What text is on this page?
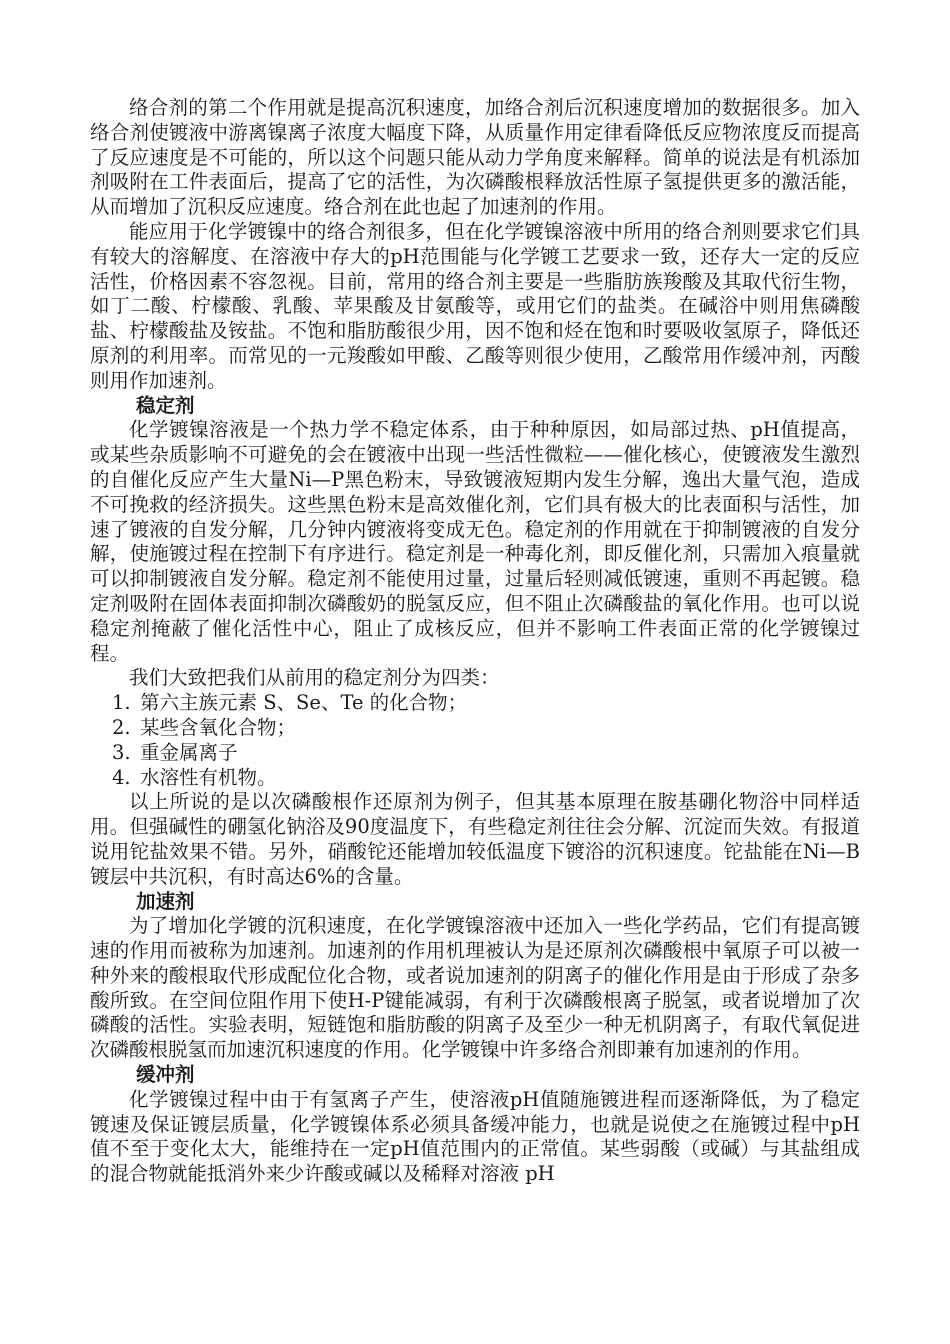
络合剂的第二个作用就是提高沉积速度，加络合剂后沉积速度增加的数据很多。加入络合剂使镀液中游离镍离子浓度大幅度下降，从质量作用定律看降低反应物浓度反而提高了反应速度是不可能的，所以这个问题只能从动力学角度来解释。简单的说法是有机添加剂吸附在工件表面后，提高了它的活性，为次磷酸根释放活性原子氢提供更多的激活能，从而增加了沉积反应速度。络合剂在此也起了加速剂的作用。

能应用于化学镀镍中的络合剂很多，但在化学镀镍溶液中所用的络合剂则要求它们具有较大的溶解度、在溶液中存大的pH范围能与化学镀工艺要求一致，还存大一定的反应活性，价格因素不容忽视。目前，常用的络合剂主要是一些脂肪族羧酸及其取代衍生物，如丁二酸、柠檬酸、乳酸、苹果酸及甘氨酸等，或用它们的盐类。在碱浴中则用焦磷酸盐、柠檬酸盐及铵盐。不饱和脂肪酸很少用，因不饱和烃在饱和时要吸收氢原子，降低还原剂的利用率。而常见的一元羧酸如甲酸、乙酸等则很少使用，乙酸常用作缓冲剂，丙酸则用作加速剂。

稳定剂

化学镀镍溶液是一个热力学不稳定体系，由于种种原因，如局部过热、pH值提高，或某些杂质影响不可避免的会在镀液中出现一些活性微粒——催化核心，使镀液发生激烈的自催化反应产生大量Ni—P黑色粉末，导致镀液短期内发生分解，逸出大量气泡，造成不可挽救的经济损失。这些黑色粉末是高效催化剂，它们具有极大的比表面积与活性，加速了镀液的自发分解，几分钟内镀液将变成无色。稳定剂的作用就在于抑制镀液的自发分解，使施镀过程在控制下有序进行。稳定剂是一种毒化剂，即反催化剂，只需加入痕量就可以抑制镀液自发分解。稳定剂不能使用过量，过量后轻则减低镀速，重则不再起镀。稳定剂吸附在固体表面抑制次磷酸奶的脱氢反应，但不阻止次磷酸盐的氧化作用。也可以说稳定剂掩蔽了催化活性中心，阻止了成核反应，但并不影响工件表面正常的化学镀镍过程。

我们大致把我们从前用的稳定剂分为四类：

1. 第六主族元素 S、Se、Te 的化合物；
2. 某些含氧化合物；
3. 重金属离子
4. 水溶性有机物。

以上所说的是以次磷酸根作还原剂为例子，但其基本原理在胺基硼化物浴中同样适用。但强碱性的硼氢化钠浴及90度温度下，有些稳定剂往往会分解、沉淀而失效。有报道说用铊盐效果不错。另外，硝酸铊还能增加较低温度下镀浴的沉积速度。铊盐能在Ni—B镀层中共沉积，有时高达6%的含量。

加速剂

为了增加化学镀的沉积速度，在化学镀镍溶液中还加入一些化学药品，它们有提高镀速的作用而被称为加速剂。加速剂的作用机理被认为是还原剂次磷酸根中氧原子可以被一种外来的酸根取代形成配位化合物，或者说加速剂的阴离子的催化作用是由于形成了杂多酸所致。在空间位阻作用下使H-P键能减弱，有利于次磷酸根离子脱氢，或者说增加了次磷酸的活性。实验表明，短链饱和脂肪酸的阴离子及至少一种无机阴离子，有取代氧促进次磷酸根脱氢而加速沉积速度的作用。化学镀镍中许多络合剂即兼有加速剂的作用。

缓冲剂

化学镀镍过程中由于有氢离子产生，使溶液pH值随施镀进程而逐渐降低，为了稳定镀速及保证镀层质量，化学镀镍体系必须具备缓冲能力，也就是说使之在施镀过程中pH值不至于变化太大，能维持在一定pH值范围内的正常值。某些弱酸（或碱）与其盐组成的混合物就能抵消外来少许酸或碱以及稀释对溶液 pH
